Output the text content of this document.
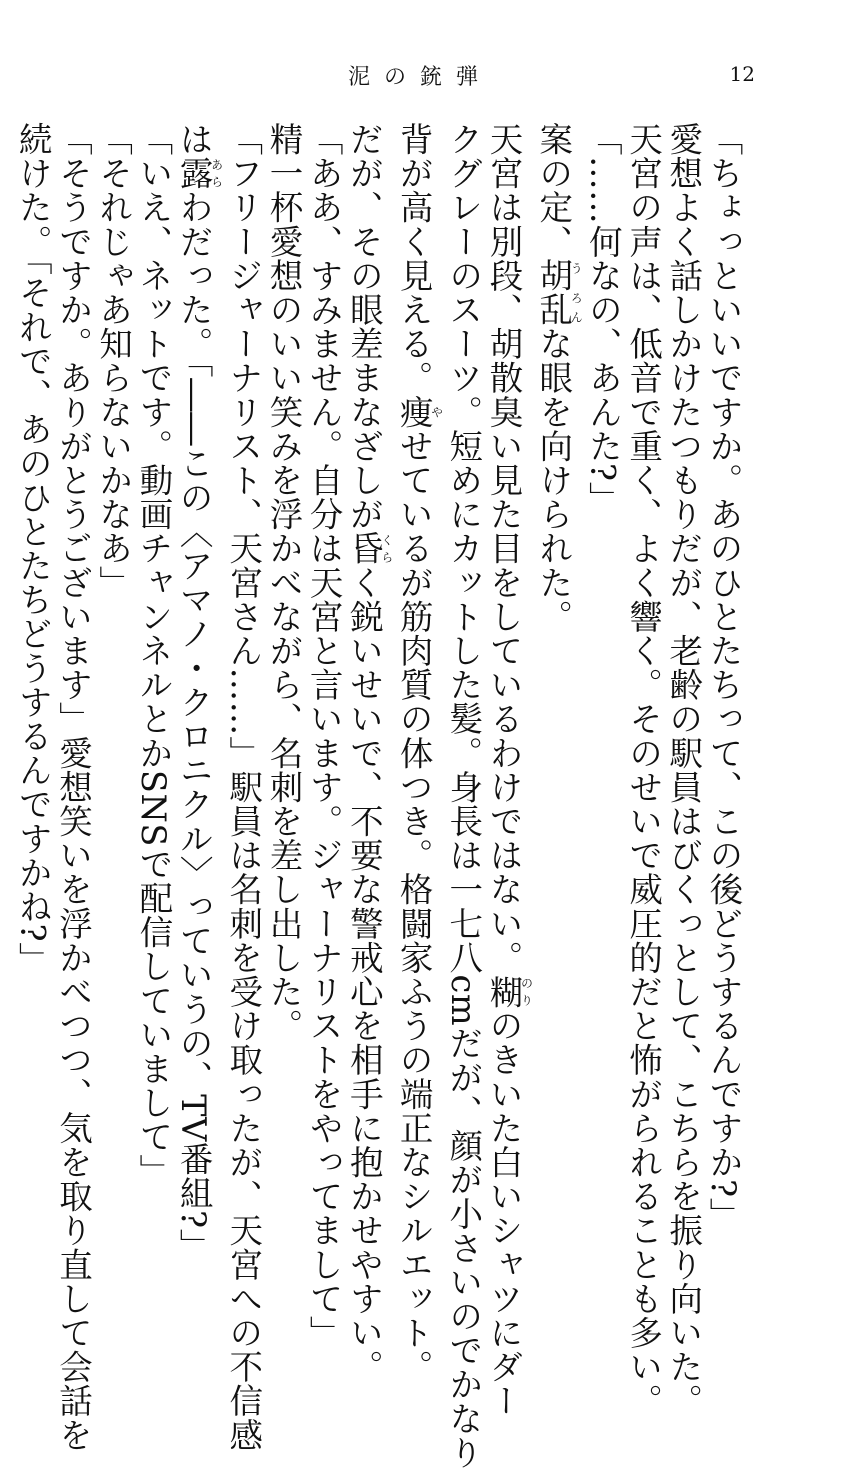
泥の銃弾	12

「ちょっといいですか。あのひとたちって、この後どうするんですか?」

愛想よく話しかけたつもりだが、老齢の駅員はびくっとして、こちらを振り向いた。

天宮の声は、低音で重く、よく響く。そのせいで威圧的だと怖がられることも多い。

「……何なの、あんた?」

案の定、胡乱う ろんな眼を向けられた。

天宮は別段、胡散臭い見た目をしているわけではない。糊のりのきいた白いシャツにダー

クグレーのスーツ。短めにカットした髪。身長は一七八cmだが、顔が小さいのでかなり

背が高く見える。痩やせているが筋肉質の体つき。格闘家ふうの端正なシルエット。

だが、その眼差まなざしが昏くらく鋭いせいで、不要な警戒心を相手に抱かせやすい。

「ああ、すみません。自分は天宮と言います。ジャーナリストをやってまして」

精一杯愛想のいい笑みを浮かべながら、名刺を差し出した。

「フリージャーナリスト、天宮さん……」駅員は名刺を受け取ったが、天宮への不信感

は露あらわだった。「――この〈アマノ・クロニクル〉っていうの、TV番組?」

「いえ、ネットです。動画チャンネルとかSNSで配信していまして」

「それじゃあ知らないかなあ」

「そうですか。ありがとうございます」愛想笑いを浮かべつつ、気を取り直して会話を

続けた。「それで、あのひとたちどうするんですかね?」
